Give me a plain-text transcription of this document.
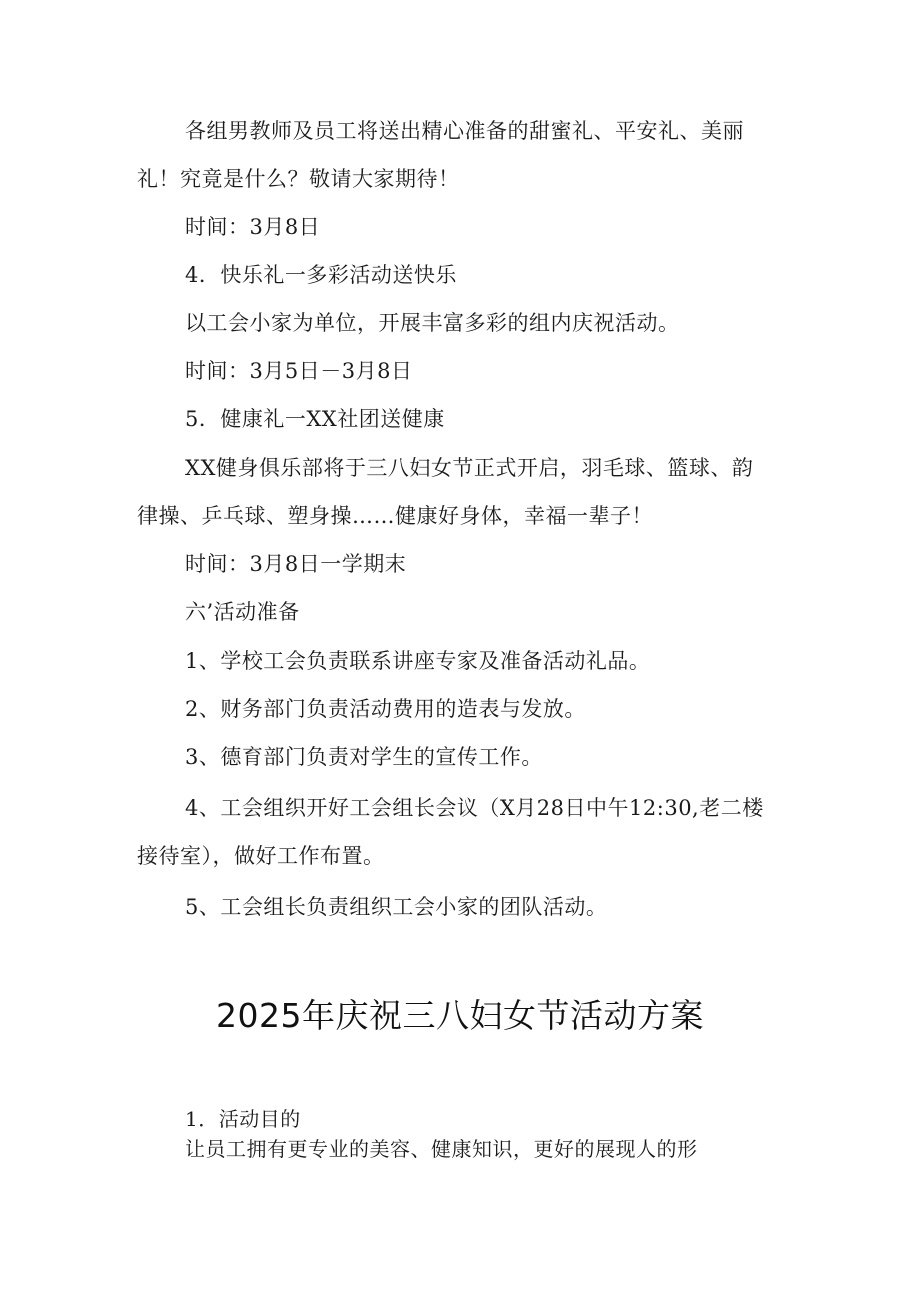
各组男教师及员工将送出精心准备的甜蜜礼、平安礼、美丽
礼！究竟是什么？敬请大家期待！
时间：3月8日
4．快乐礼一多彩活动送快乐
以工会小家为单位，开展丰富多彩的组内庆祝活动。
时间：3月5日－3月8日
5．健康礼一XX社团送健康
XX健身俱乐部将于三八妇女节正式开启，羽毛球、篮球、韵
律操、乒乓球、塑身操……健康好身体，幸福一辈子！
时间：3月8日一学期末
六’活动准备
1、学校工会负责联系讲座专家及准备活动礼品。
2、财务部门负责活动费用的造表与发放。
3、德育部门负责对学生的宣传工作。
4、工会组织开好工会组长会议（X月28日中午12:30,老二楼
接待室），做好工作布置。
5、工会组长负责组织工会小家的团队活动。
2025年庆祝三八妇女节活动方案
1．活动目的
让员工拥有更专业的美容、健康知识，更好的展现人的形
